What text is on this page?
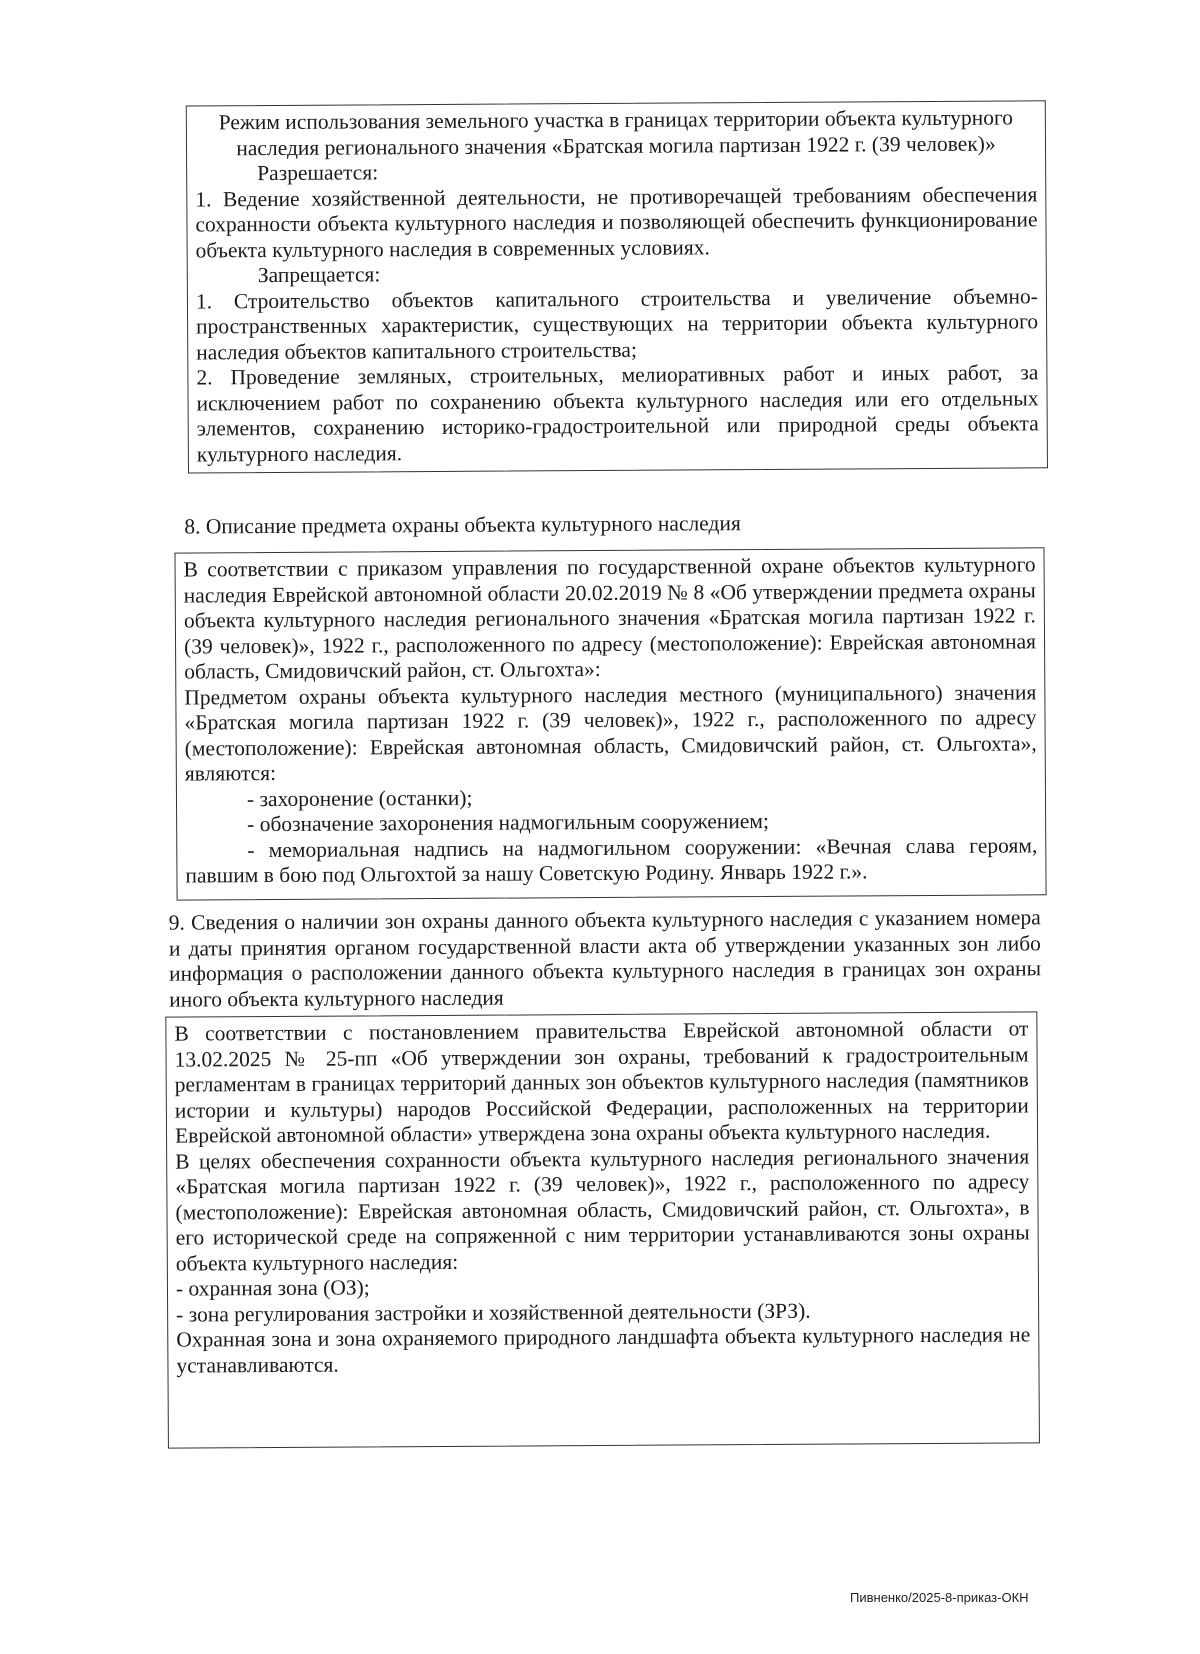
Режим использования земельного участка в границах территории объекта культурного наследия регионального значения «Братская могила партизан 1922 г. (39 человек)»

Разрешается:

1. Ведение хозяйственной деятельности, не противоречащей требованиям обеспечения сохранности объекта культурного наследия и позволяющей обеспечить функционирование объекта культурного наследия в современных условиях.

Запрещается:

1. Строительство объектов капитального строительства и увеличение объемно-пространственных характеристик, существующих на территории объекта культурного наследия объектов капитального строительства;

2. Проведение земляных, строительных, мелиоративных работ и иных работ, за исключением работ по сохранению объекта культурного наследия или его отдельных элементов, сохранению историко-градостроительной или природной среды объекта культурного наследия.

8. Описание предмета охраны объекта культурного наследия

В соответствии с приказом управления по государственной охране объектов культурного наследия Еврейской автономной области 20.02.2019 № 8 «Об утверждении предмета охраны объекта культурного наследия регионального значения «Братская могила партизан 1922 г. (39 человек)», 1922 г., расположенного по адресу (местоположение): Еврейская автономная область, Смидовичский район, ст. Ольгохта»:

Предметом охраны объекта культурного наследия местного (муниципального) значения «Братская могила партизан 1922 г. (39 человек)», 1922 г., расположенного по адресу (местоположение): Еврейская автономная область, Смидовичский район, ст. Ольгохта», являются:

- захоронение (останки);

- обозначение захоронения надмогильным сооружением;

- мемориальная надпись на надмогильном сооружении: «Вечная слава героям, павшим в бою под Ольгохтой за нашу Советскую Родину. Январь 1922 г.».

9. Сведения о наличии зон охраны данного объекта культурного наследия с указанием номера и даты принятия органом государственной власти акта об утверждении указанных зон либо информация о расположении данного объекта культурного наследия в границах зон охраны иного объекта культурного наследия

В соответствии с постановлением правительства Еврейской автономной области от 13.02.2025 № 25-пп «Об утверждении зон охраны, требований к градостроительным регламентам в границах территорий данных зон объектов культурного наследия (памятников истории и культуры) народов Российской Федерации, расположенных на территории Еврейской автономной области» утверждена зона охраны объекта культурного наследия.

В целях обеспечения сохранности объекта культурного наследия регионального значения «Братская могила партизан 1922 г. (39 человек)», 1922 г., расположенного по адресу (местоположение): Еврейская автономная область, Смидовичский район, ст. Ольгохта», в его исторической среде на сопряженной с ним территории устанавливаются зоны охраны объекта культурного наследия:

- охранная зона (ОЗ);

- зона регулирования застройки и хозяйственной деятельности (ЗРЗ).

Охранная зона и зона охраняемого природного ландшафта объекта культурного наследия не устанавливаются.

Пивненко/2025-8-приказ-ОКН
